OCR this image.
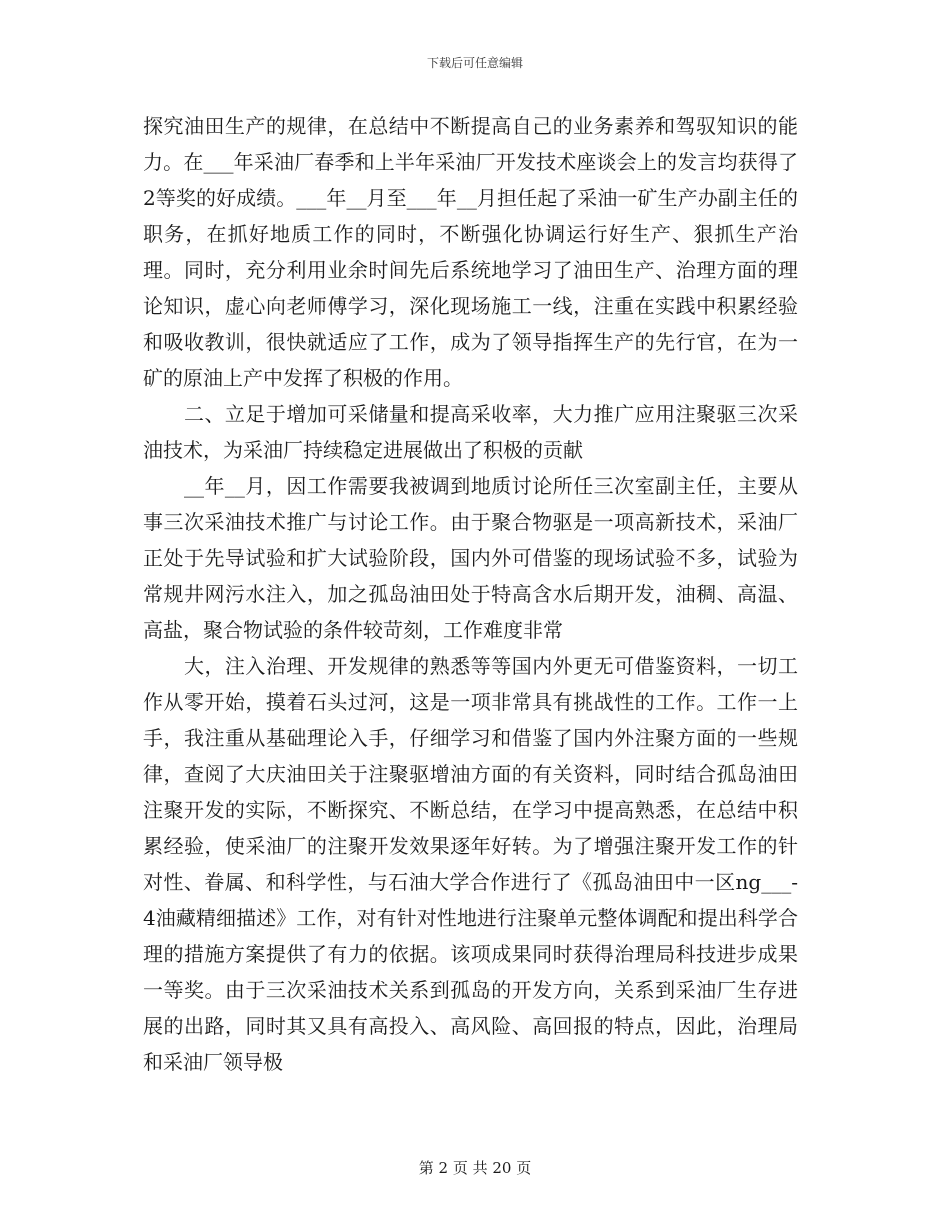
下载后可任意编辑

探究油田生产的规律，在总结中不断提高自己的业务素养和驾驭知识的能力。在___年采油厂春季和上半年采油厂开发技术座谈会上的发言均获得了2等奖的好成绩。___年__月至___年__月担任起了采油一矿生产办副主任的职务，在抓好地质工作的同时，不断强化协调运行好生产、狠抓生产治理。同时，充分利用业余时间先后系统地学习了油田生产、治理方面的理论知识，虚心向老师傅学习，深化现场施工一线，注重在实践中积累经验和吸收教训，很快就适应了工作，成为了领导指挥生产的先行官，在为一矿的原油上产中发挥了积极的作用。

　　二、立足于增加可采储量和提高采收率，大力推广应用注聚驱三次采油技术，为采油厂持续稳定进展做出了积极的贡献

　　__年__月，因工作需要我被调到地质讨论所任三次室副主任，主要从事三次采油技术推广与讨论工作。由于聚合物驱是一项高新技术，采油厂正处于先导试验和扩大试验阶段，国内外可借鉴的现场试验不多，试验为常规井网污水注入，加之孤岛油田处于特高含水后期开发，油稠、高温、高盐，聚合物试验的条件较苛刻，工作难度非常

　　大，注入治理、开发规律的熟悉等等国内外更无可借鉴资料，一切工作从零开始，摸着石头过河，这是一项非常具有挑战性的工作。工作一上手，我注重从基础理论入手，仔细学习和借鉴了国内外注聚方面的一些规律，查阅了大庆油田关于注聚驱增油方面的有关资料，同时结合孤岛油田注聚开发的实际，不断探究、不断总结，在学习中提高熟悉，在总结中积累经验，使采油厂的注聚开发效果逐年好转。为了增强注聚开发工作的针对性、眷属、和科学性，与石油大学合作进行了《孤岛油田中一区ng___-4油藏精细描述》工作，对有针对性地进行注聚单元整体调配和提出科学合理的措施方案提供了有力的依据。该项成果同时获得治理局科技进步成果一等奖。由于三次采油技术关系到孤岛的开发方向，关系到采油厂生存进展的出路，同时其又具有高投入、高风险、高回报的特点，因此，治理局和采油厂领导极

第 2 页 共 20 页
